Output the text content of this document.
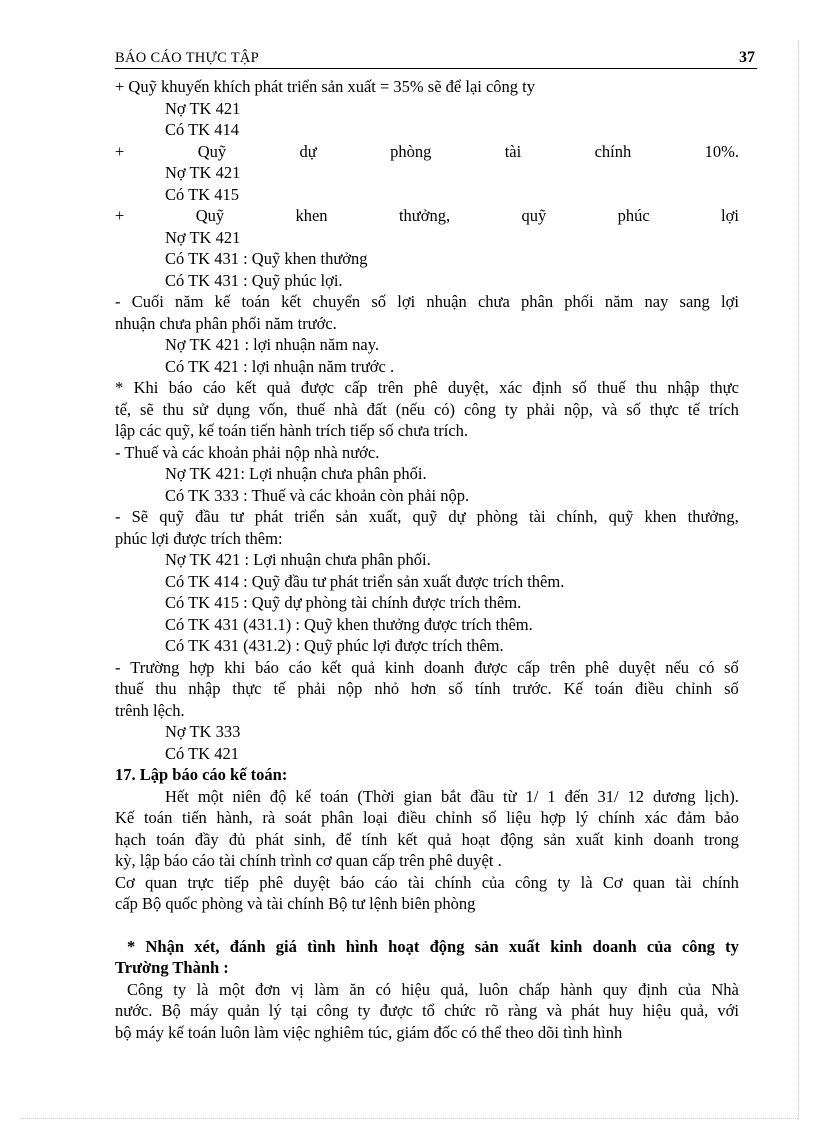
BÁO CÁO THỰC TẬP	37
+ Quỹ khuyến khích phát triển sản xuất = 35% sẽ để lại công ty
Nợ TK 421
Có TK 414
+	Quỹ	dự	phòng	tài	chính	10%.
Nợ TK 421
Có TK 415
+	Quỹ	khen	thưởng,	quỹ	phúc	lợi
Nợ TK 421
Có TK 431 : Quỹ khen thưởng
Có TK 431 : Quỹ phúc lợi.
- Cuối năm kế toán kết chuyển số lợi nhuận chưa phân phối năm nay sang lợi
nhuận chưa phân phối năm trước.
Nợ TK 421 : lợi nhuận năm nay.
Có TK 421 : lợi nhuận năm trước .
* Khi báo cáo kết quả được cấp trên phê duyệt, xác định số thuế thu nhập thực
tế, sẽ thu sử dụng vốn, thuế nhà đất (nếu có) công ty phải nộp, và số thực tế trích
lập các quỹ, kế toán tiến hành trích tiếp số chưa trích.
- Thuế và các khoản phải nộp nhà nước.
Nợ TK 421: Lợi nhuận chưa phân phối.
Có TK 333 : Thuế và các khoản còn phải nộp.
- Sẽ quỹ đầu tư phát triển sản xuất, quỹ dự phòng tài chính, quỹ khen thưởng,
phúc lợi được trích thêm:
Nợ TK 421 : Lợi nhuận chưa phân phối.
Có TK 414 : Quỹ đầu tư phát triển sản xuất được trích thêm.
Có TK 415 : Quỹ dự phòng tài chính được trích thêm.
Có TK 431 (431.1) : Quỹ khen thưởng được trích thêm.
Có TK 431 (431.2) : Quỹ phúc lợi được trích thêm.
- Trường hợp khi báo cáo kết quả kinh doanh được cấp trên phê duyệt nếu có số
thuế thu nhập thực tế phải nộp nhỏ hơn số tính trước. Kế toán điều chỉnh số
trênh lệch.
Nợ TK 333
Có TK 421
17. Lập báo cáo kế toán:
Hết một niên độ kế toán (Thời gian bắt đầu từ 1/ 1 đến 31/ 12 dương lịch).
Kế toán tiến hành, rà soát phân loại điều chỉnh số liệu hợp lý chính xác đảm bảo
hạch toán đầy đủ phát sinh, để tính kết quả hoạt động sản xuất kinh doanh trong
kỳ, lập báo cáo tài chính trình cơ quan cấp trên phê duyệt .
Cơ quan trực tiếp phê duyệt báo cáo tài chính của công ty là Cơ quan tài chính
cấp Bộ quốc phòng và tài chính Bộ tư lệnh biên phòng
* Nhận xét, đánh giá tình hình hoạt động sản xuất kinh doanh của công ty
Trường Thành :
Công ty là một đơn vị làm ăn có hiệu quả, luôn chấp hành quy định của Nhà
nước. Bộ máy quản lý tại công ty được tổ chức rõ ràng và phát huy hiệu quả, với
bộ máy kế toán luôn làm việc nghiêm túc, giám đốc có thể theo dõi tình hình
